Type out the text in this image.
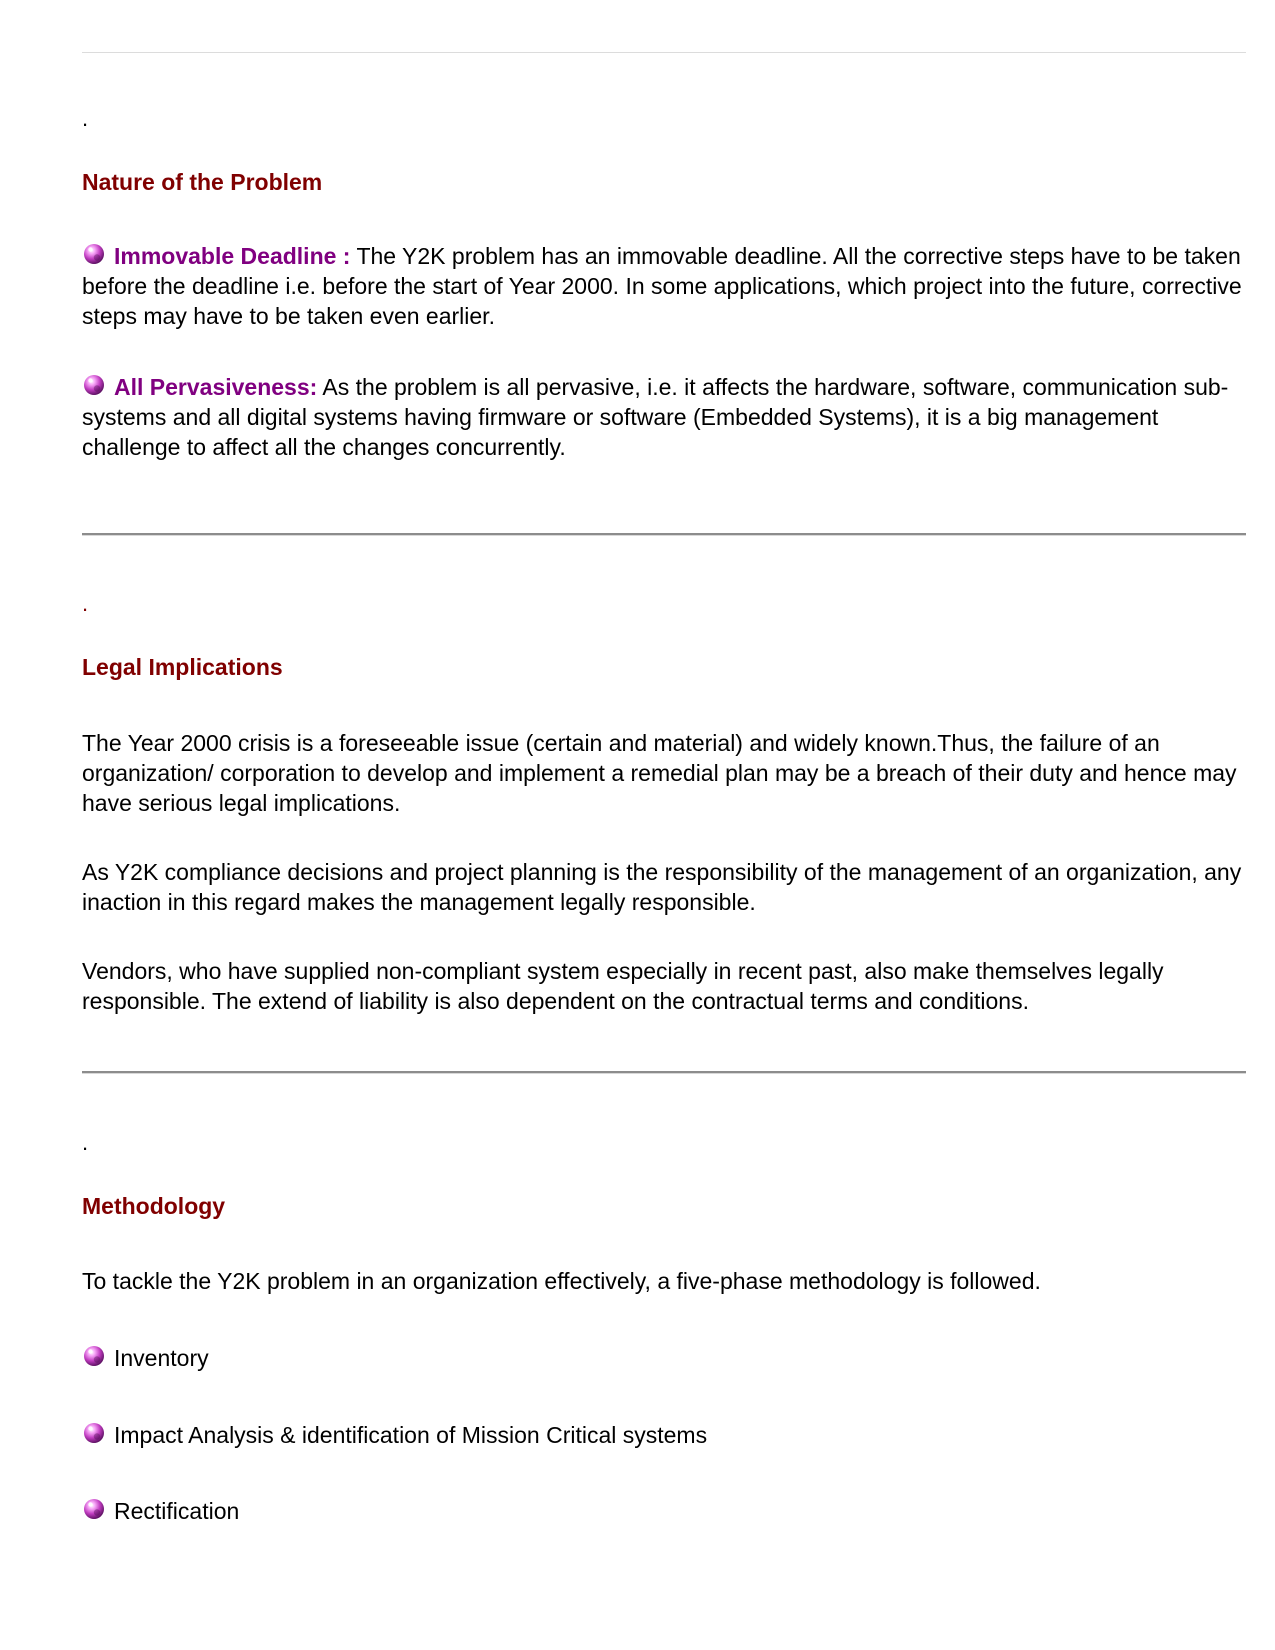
.
Nature of the Problem
Immovable Deadline : The Y2K problem has an immovable deadline. All the corrective steps have to be taken before the deadline i.e. before the start of Year 2000. In some applications, which project into the future, corrective steps may have to be taken even earlier.
All Pervasiveness: As the problem is all pervasive, i.e. it affects the hardware, software, communication sub-systems and all digital systems having firmware or software (Embedded Systems), it is a big management challenge to affect all the changes concurrently.
.
Legal Implications
The Year 2000 crisis is a foreseeable issue (certain and material) and widely known.Thus, the failure of an organization/ corporation to develop and implement a remedial plan may be a breach of their duty and hence may have serious legal implications.
As Y2K compliance decisions and project planning is the responsibility of the management of an organization, any inaction in this regard makes the management legally responsible.
Vendors, who have supplied non-compliant system especially in recent past, also make themselves legally responsible. The extend of liability is also dependent on the contractual terms and conditions.
.
Methodology
To tackle the Y2K problem in an organization effectively, a five-phase methodology is followed.
Inventory
Impact Analysis & identification of Mission Critical systems
Rectification
